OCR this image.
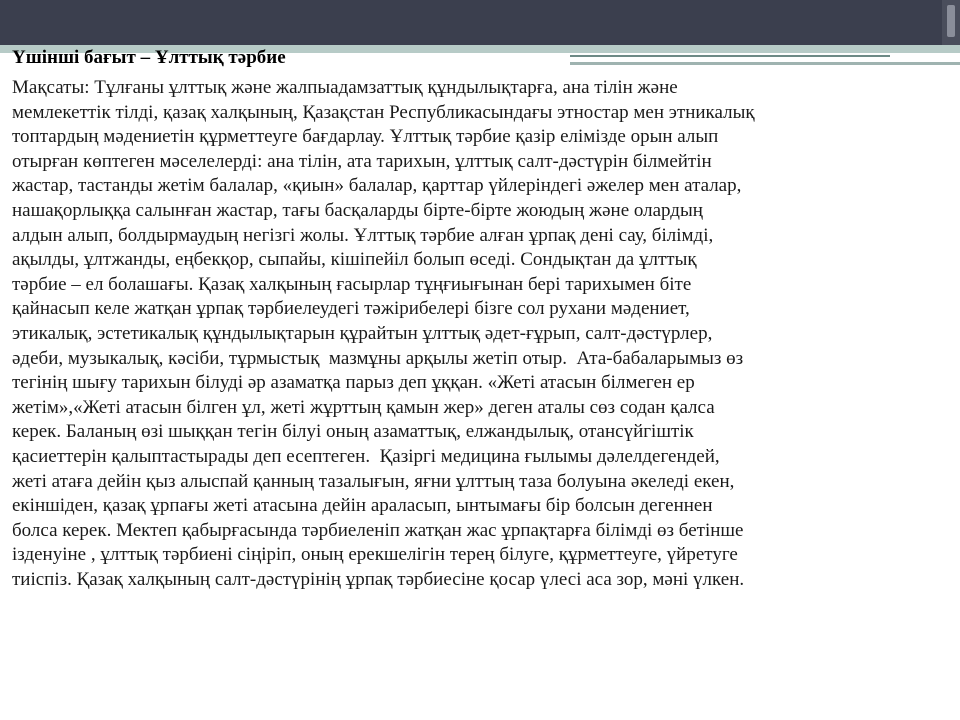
Үшінші бағыт – Ұлттық тәрбие
Мақсаты: Тұлғаны ұлттық және жалпыадамзаттық құндылықтарға, ана тілін және
мемлекеттік тілді, қазақ халқының, Қазақстан Республикасындағы этностар мен этникалық
топтардың мәдениетін құрметтеуге бағдарлау. Ұлттық тәрбие қазір елімізде орын алып
отырған көптеген мәселелерді: ана тілін, ата тарихын, ұлттық салт-дәстүрін білмейтін
жастар, тастанды жетім балалар, «қиын» балалар, қарттар үйлеріндегі әжелер мен аталар,
нашақорлыққа салынған жастар, тағы басқаларды бірте-бірте жоюдың және олардың
алдын алып, болдырмаудың негізгі жолы. Ұлттық тәрбие алған ұрпақ дені сау, білімді,
ақылды, ұлтжанды, еңбекқор, сыпайы, кішіпейіл болып өседі. Сондықтан да ұлттық
тәрбие – ел болашағы. Қазақ халқының ғасырлар тұңғиығынан бері тарихымен біте
қайнасып келе жатқан ұрпақ тәрбиелеудегі тәжірибелері бізге сол рухани мәдениет,
этикалық, эстетикалық құндылықтарын құрайтын ұлттық әдет-ғұрып, салт-дәстүрлер,
әдеби, музыкалық, кәсіби, тұрмыстық  мазмұны арқылы жетіп отыр.  Ата-бабаларымыз өз
тегінің шығу тарихын білуді әр азаматқа парыз деп ұққан. «Жеті атасын білмеген ер
жетім»,«Жеті атасын білген ұл, жеті жұрттың қамын жер» деген аталы сөз содан қалса
керек. Баланың өзі шыққан тегін білуі оның азаматтық, елжандылық, отансүйгіштік
қасиеттерін қалыптастырады деп есептеген.  Қазіргі медицина ғылымы дәлелдегендей,
жеті атаға дейін қыз алыспай қанның тазалығын, яғни ұлттың таза болуына әкеледі екен,
екіншіден, қазақ ұрпағы жеті атасына дейін араласып, ынтымағы бір болсын дегеннен
болса керек. Мектеп қабырғасында тәрбиеленіп жатқан жас ұрпақтарға білімді өз бетінше
ізденуіне , ұлттық тәрбиені сіңіріп, оның ерекшелігін терең білуге, құрметтеуге, үйретуге
тиіспіз. Қазақ халқының салт-дәстүрінің ұрпақ тәрбиесіне қосар үлесі аса зор, мәні үлкен.
